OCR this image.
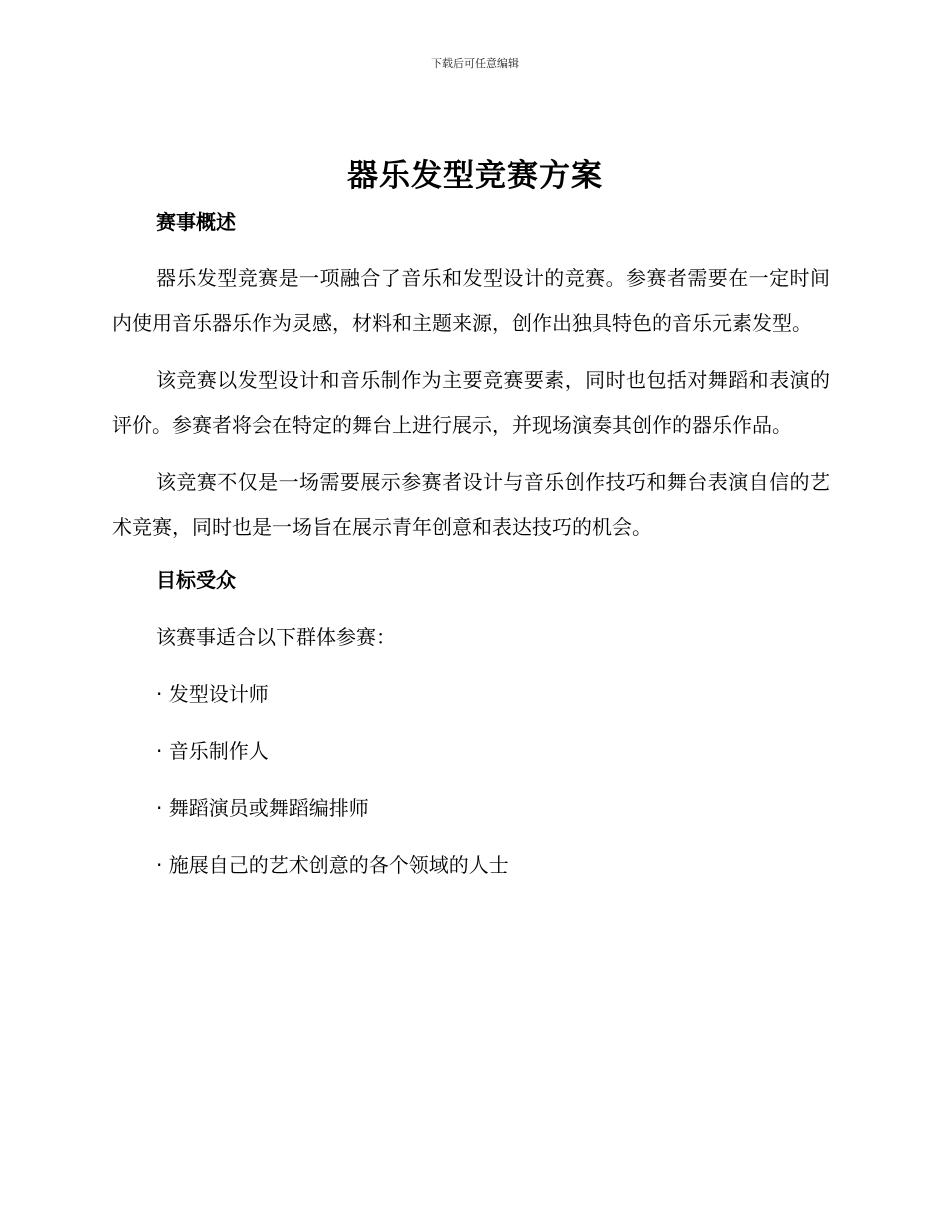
下载后可任意编辑
器乐发型竞赛方案
赛事概述

器乐发型竞赛是一项融合了音乐和发型设计的竞赛。参赛者需要在一定时间内使用音乐器乐作为灵感，材料和主题来源，创作出独具特色的音乐元素发型。

该竞赛以发型设计和音乐制作为主要竞赛要素，同时也包括对舞蹈和表演的评价。参赛者将会在特定的舞台上进行展示，并现场演奏其创作的器乐作品。

该竞赛不仅是一场需要展示参赛者设计与音乐创作技巧和舞台表演自信的艺术竞赛，同时也是一场旨在展示青年创意和表达技巧的机会。

目标受众
该赛事适合以下群体参赛：
· 发型设计师
· 音乐制作人
· 舞蹈演员或舞蹈编排师
· 施展自己的艺术创意的各个领域的人士
